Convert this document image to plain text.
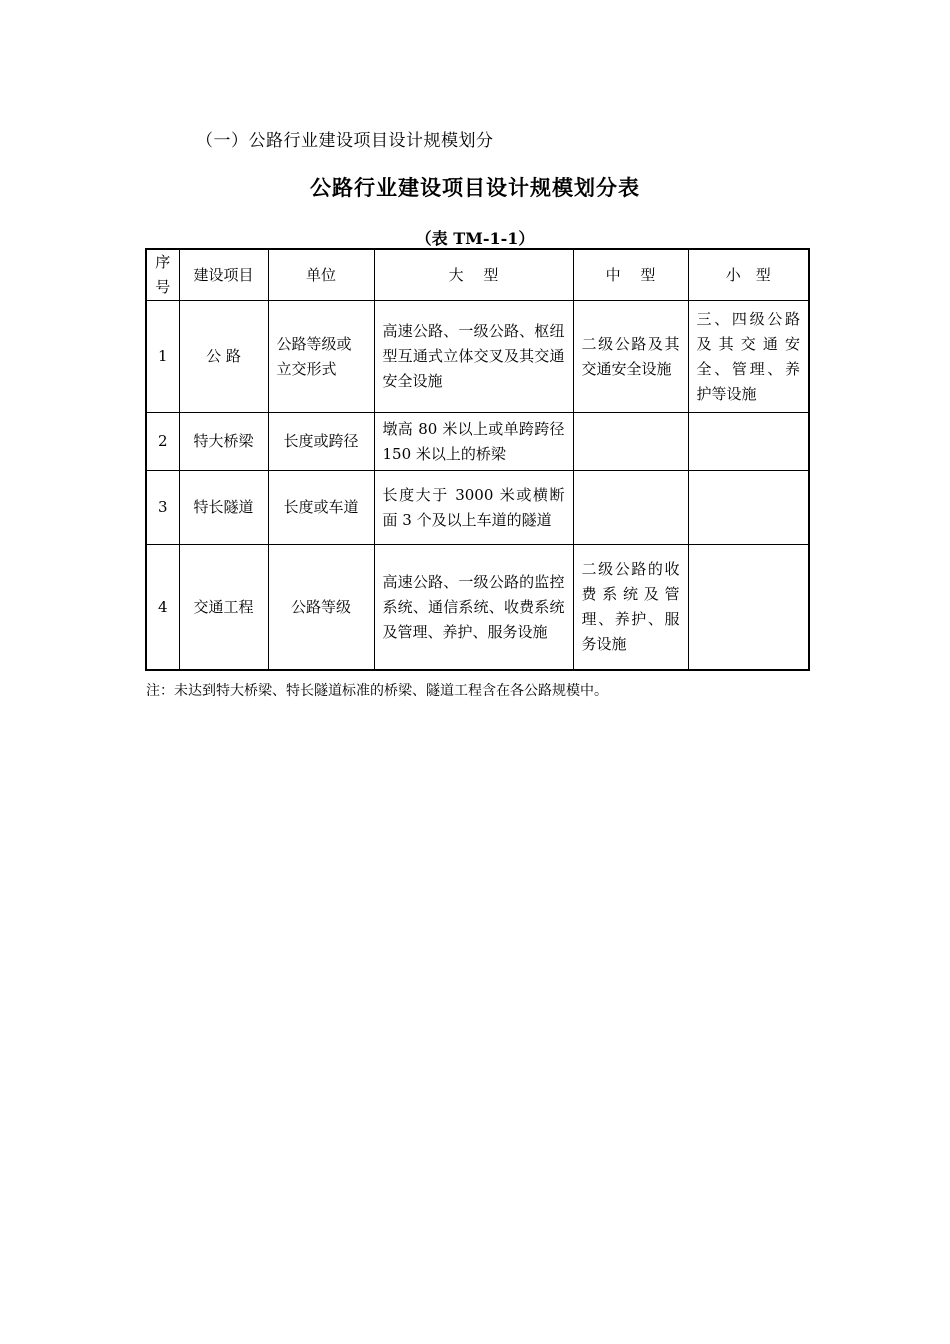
（一）公路行业建设项目设计规模划分
公路行业建设项目设计规模划分表
（表 TM-1-1）
序号	建设项目	单位	大　 型	中　 型	小　型
1	公 路	公路等级或立交形式	高速公路、一级公路、枢纽型互通式立体交叉及其交通安全设施	二级公路及其交通安全设施	三、四级公路及其交通安全、管理、养护等设施
2	特大桥梁	长度或跨径	墩高 80 米以上或单跨跨径 150 米以上的桥梁		
3	特长隧道	长度或车道	长度大于 3000 米或横断面 3 个及以上车道的隧道		
4	交通工程	公路等级	高速公路、一级公路的监控系统、通信系统、收费系统及管理、养护、服务设施	二级公路的收费系统及管理、养护、服务设施	
注：未达到特大桥梁、特长隧道标准的桥梁、隧道工程含在各公路规模中。
